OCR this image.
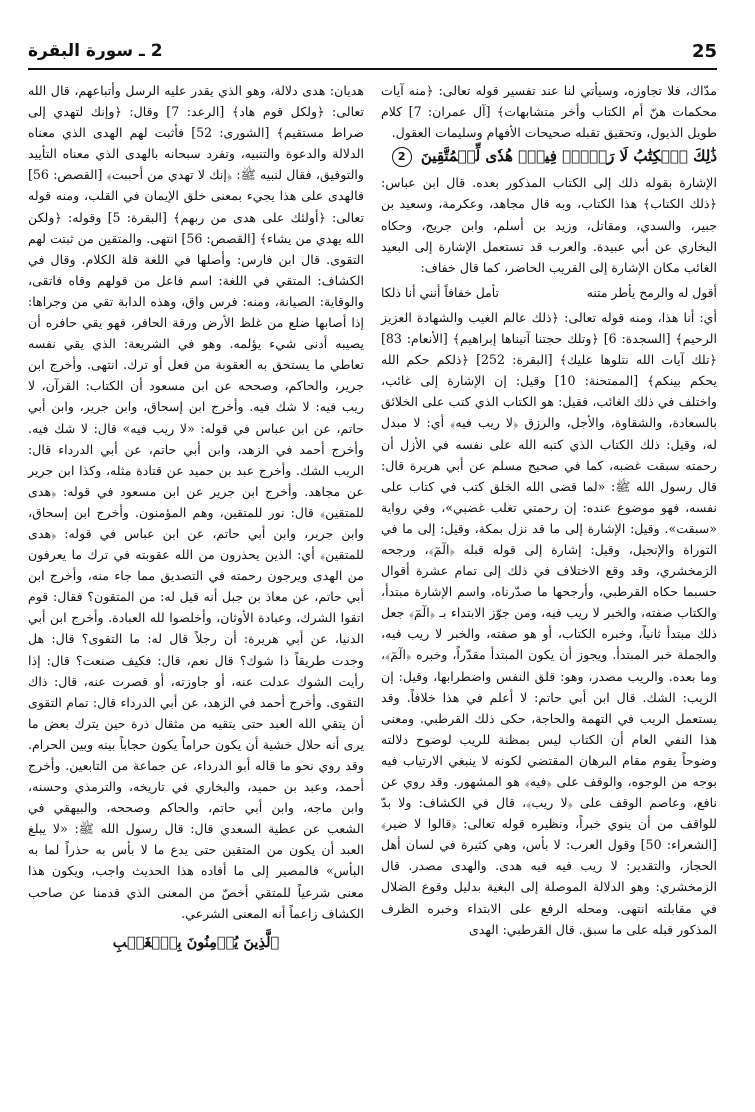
25
2 ـ سورة البقرة

مدّاك، فلا تجاوزه، وسيأتي لنا عند تفسير قوله تعالى: ﴿منه آيات محكمات هنّ أم الكتاب وأخر متشابهات﴾ [آل عمران: 7] كلام طويل الذيول، وتحقيق تقبله صحيحات الأفهام وسليمات العقول.

ذَٰلِكَ ٱلۡكِتَٰبُ لَا رَيۡبَۛ فِيهِۛ هُدٗى لِّلۡمُتَّقِينَ 2

الإشارة بقوله ذلك إلى الكتاب المذكور بعده. قال ابن عباس: ﴿ذلك الكتاب﴾ هذا الكتاب، وبه قال مجاهد، وعكرمة، وسعيد بن جبير، والسدي، ومقاتل، وزيد بن أسلم، وابن جريج، وحكاه البخاري عن أبي عبيدة. والعرب قد تستعمل الإشارة إلى البعيد الغائب مكان الإشارة إلى القريب الحاضر، كما قال خفاف:

أقول له والرمح يأطر متنه
تأمل خفافاً أنني أنا ذلكا

أي: أنا هذا، ومنه قوله تعالى: ﴿ذلك عالم الغيب والشهادة العزيز الرحيم﴾ [السجدة: 6] ﴿وتلك حجتنا آتيناها إبراهيم﴾ [الأنعام: 83] ﴿تلك آيات الله نتلوها عليك﴾ [البقرة: 252] ﴿ذلكم حكم الله يحكم بينكم﴾ [الممتحنة: 10] وقيل: إن الإشارة إلى غائب، واختلف في ذلك الغائب، فقيل: هو الكتاب الذي كتب على الخلائق بالسعادة، والشقاوة، والأجل، والرزق ﴿لا ريب فيه﴾ أي: لا مبدل له، وقيل: ذلك الكتاب الذي كتبه الله على نفسه في الأزل أن رحمته سبقت غضبه، كما في صحيح مسلم عن أبي هريرة قال: قال رسول الله ﷺ: «لما قضى الله الخلق كتب في كتاب على نفسه، فهو موضوع عنده: إن رحمتي تغلب غضبي»، وفي رواية «سبقت». وقيل: الإشارة إلى ما قد نزل بمكة، وقيل: إلى ما في التوراة والإنجيل، وقيل: إشارة إلى قوله قبله ﴿الٓمٓ﴾، ورجحه الزمخشري، وقد وقع الاختلاف في ذلك إلى تمام عشرة أقوال حسبما حكاه القرطبي، وأرجحها ما صدّرناه، واسم الإشارة مبتدأ، والكتاب صفته، والخبر لا ريب فيه، ومن جوّز الابتداء بـ ﴿الٓمٓ﴾ جعل ذلك مبتدأ ثانياً، وخبره الكتاب، أو هو صفته، والخبر لا ريب فيه، والجملة خبر المبتدأ. ويجوز أن يكون المبتدأ مقدّراً، وخبره ﴿الٓمٓ﴾، وما بعده. والريب مصدر، وهو: قلق النفس واضطرابها، وقيل: إن الريب: الشك. قال ابن أبي حاتم: لا أعلم في هذا خلافاً. وقد يستعمل الريب في التهمة والحاجة، حكى ذلك القرطبي. ومعنى هذا النفي العام أن الكتاب ليس بمظنة للريب لوضوح دلالته وضوحاً يقوم مقام البرهان المقتضي لكونه لا ينبغي الارتياب فيه بوجه من الوجوه، والوقف على ﴿فيه﴾ هو المشهور. وقد روي عن نافع، وعاصم الوقف على ﴿لا ريب﴾، قال في الكشاف: ولا بدّ للواقف من أن ينوي خبراً، ونظيره قوله تعالى: ﴿قالوا لا ضير﴾ [الشعراء: 50] وقول العرب: لا بأس، وهي كثيرة في لسان أهل الحجاز، والتقدير: لا ريب فيه فيه هدى. والهدى مصدر. قال الزمخشري: وهو الدلالة الموصلة إلى البغية بدليل وقوع الضلال في مقابلته انتهى. ومحله الرفع على الابتداء وخبره الظرف المذكور قبله على ما سبق. قال القرطبي: الهدى

هديان: هدى دلالة، وهو الذي يقدر عليه الرسل وأتباعهم، قال الله تعالى: ﴿ولكل قوم هاد﴾ [الرعد: 7] وقال: ﴿وإنك لتهدي إلى صراط مستقيم﴾ [الشورى: 52] فأثبت لهم الهدى الذي معناه الدلالة والدعوة والتنبيه، وتفرد سبحانه بالهدى الذي معناه التأييد والتوفيق، فقال لنبيه ﷺ: ﴿إنك لا تهدي من أحببت﴾ [القصص: 56] فالهدى على هذا يجيء بمعنى خلق الإيمان في القلب، ومنه قوله تعالى: ﴿أولئك على هدى من ربهم﴾ [البقرة: 5] وقوله: ﴿ولكن الله يهدي من يشاء﴾ [القصص: 56] انتهى. والمتقين من ثبتت لهم التقوى. قال ابن فارس: وأصلها في اللغة قلة الكلام. وقال في الكشاف: المتقي في اللغة: اسم فاعل من قولهم وقاه فاتقى، والوقاية: الصيانة، ومنه: فرس واق، وهذه الدابة تقي من وجراها: إذا أصابها ضلع من غلظ الأرض ورقة الحافر، فهو يقي حافره أن يصيبه أدنى شيء يؤلمه. وهو في الشريعة: الذي يقي نفسه تعاطي ما يستحق به العقوبة من فعل أو ترك. انتهى. وأخرج ابن جرير، والحاكم، وصححه عن ابن مسعود أن الكتاب: القرآن، لا ريب فيه: لا شك فيه. وأخرج ابن إسحاق، وابن جرير، وابن أبي حاتم، عن ابن عباس في قوله: «لا ريب فيه» قال: لا شك فيه. وأخرج أحمد في الزهد، وابن أبي حاتم، عن أبي الدرداء قال: الريب الشك. وأخرج عبد بن حميد عن قتادة مثله، وكذا ابن جرير عن مجاهد. وأخرج ابن جرير عن ابن مسعود في قوله: ﴿هدى للمتقين﴾ قال: نور للمتقين، وهم المؤمنون. وأخرج ابن إسحاق، وابن جرير، وابن أبي حاتم، عن ابن عباس في قوله: ﴿هدى للمتقين﴾ أي: الذين يحذرون من الله عقوبته في ترك ما يعرفون من الهدى ويرجون رحمته في التصديق مما جاء منه، وأخرج ابن أبي حاتم، عن معاذ بن جبل أنه قيل له: من المتقون؟ فقال: قوم اتقوا الشرك، وعبادة الأوثان، وأخلصوا لله العبادة. وأخرج ابن أبي الدنيا، عن أبي هريرة: أن رجلاً قال له: ما التقوى؟ قال: هل وجدت طريقاً ذا شوك؟ قال نعم، قال: فكيف صنعت؟ قال: إذا رأيت الشوك عدلت عنه، أو جاوزته، أو قصرت عنه، قال: ذاك التقوى. وأخرج أحمد في الزهد، عن أبي الدرداء قال: تمام التقوى أن يتقي الله العبد حتى يتقيه من مثقال ذرة حين يترك بعض ما يرى أنه حلال خشية أن يكون حراماً يكون حجاباً بينه وبين الحرام. وقد روي نحو ما قاله أبو الدرداء، عن جماعة من التابعين. وأخرج أحمد، وعبد بن حميد، والبخاري في تاريخه، والترمذي وحسنه، وابن ماجه، وابن أبي حاتم، والحاكم وصححه، والبيهقي في الشعب عن عطية السعدي قال: قال رسول الله ﷺ: «لا يبلغ العبد أن يكون من المتقين حتى يدع ما لا بأس به حذراً لما به البأس» فالمصير إلى ما أفاده هذا الحديث واجب، ويكون هذا معنى شرعياً للمتقي أخصّ من المعنى الذي قدمنا عن صاحب الكشاف زاعماً أنه المعنى الشرعي.

ٱلَّذِينَ يُؤۡمِنُونَ بِٱلۡغَيۡبِ
